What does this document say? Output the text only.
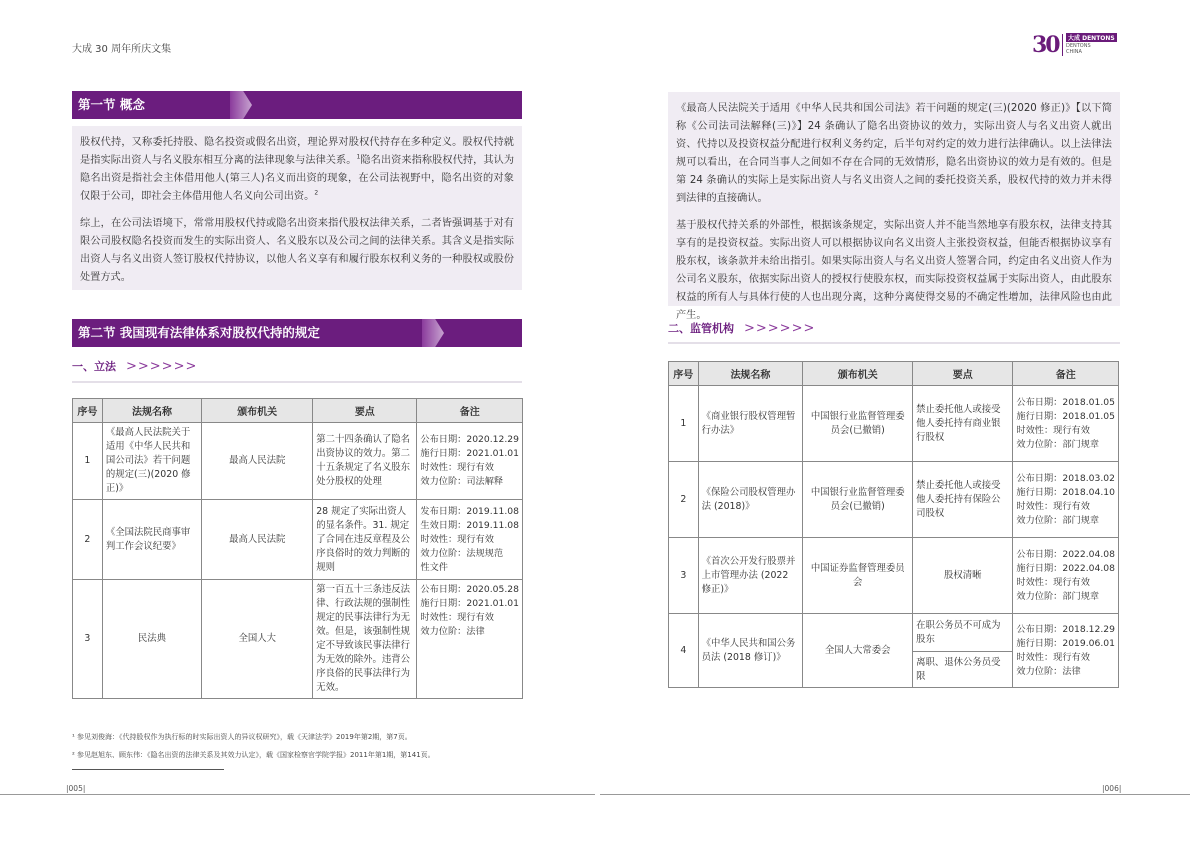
大成 30 周年所庆文集	30	大成 DENTONS
DENTONS
CHINA
第一节 概念

股权代持，又称委托持股、隐名投资或假名出资，理论界对股权代持存在多种定义。股权代持就是指实际出资人与名义股东相互分离的法律现象与法律关系。$^1$隐名出资来指称股权代持，其认为隐名出资是指社会主体借用他人(第三人)名义而出资的现象，在公司法视野中，隐名出资的对象仅限于公司，即社会主体借用他人名义向公司出资。$^2$

综上，在公司法语境下，常常用股权代持或隐名出资来指代股权法律关系，二者皆强调基于对有限公司股权隐名投资而发生的实际出资人、名义股东以及公司之间的法律关系。其含义是指实际出资人与名义出资人签订股权代持协议，以他人名义享有和履行股东权利义务的一种股权或股份处置方式。

第二节 我国现有法律体系对股权代持的规定
一、立法 >>>>>>
序号	法规名称	颁布机关	要点	备注
1	《最高人民法院关于适用《中华人民共和国公司法》若干问题的规定(三)(2020 修正)》	最高人民法院	第二十四条确认了隐名出资协议的效力。第二十五条规定了名义股东处分股权的处理	公布日期：2020.12.29
施行日期：2021.01.01
时效性：现行有效
效力位阶：司法解释

2	《全国法院民商事审判工作会议纪要》	最高人民法院	28 规定了实际出资人的显名条件。31. 规定了合同在违反章程及公序良俗时的效力判断的规则	发布日期：2019.11.08
生效日期：2019.11.08
时效性：现行有效
效力位阶：法规规范
性文件

3	民法典	全国人大	第一百五十三条违反法律、行政法规的强制性规定的民事法律行为无效。但是，该强制性规定不导致该民事法律行为无效的除外。违背公序良俗的民事法律行为无效。	公布日期：2020.05.28
施行日期：2021.01.01
时效性：现行有效
效力位阶：法律
¹ 参见刘俊海：《代持股权作为执行标的时实际出资人的异议权研究》，载《天津法学》2019年第2期，第7页。
² 参见赵旭东、顾东伟：《隐名出资的法律关系及其效力认定》，载《国家检察官学院学报》2011年第1期，第141页。
|005|

《最高人民法院关于适用《中华人民共和国公司法》若干问题的规定(三)(2020 修正)》【以下简称《公司法司法解释(三)》】24 条确认了隐名出资协议的效力，实际出资人与名义出资人就出资、代持以及投资权益分配进行权利义务约定，后半句对约定的效力进行法律确认。以上法律法规可以看出，在合同当事人之间如不存在合同的无效情形，隐名出资协议的效力是有效的。但是第 24 条确认的实际上是实际出资人与名义出资人之间的委托投资关系，股权代持的效力并未得到法律的直接确认。

基于股权代持关系的外部性，根据该条规定，实际出资人并不能当然地享有股东权，法律支持其享有的是投资权益。实际出资人可以根据协议向名义出资人主张投资权益，但能否根据协议享有股东权，该条款并未给出指引。如果实际出资人与名义出资人签署合同，约定由名义出资人作为公司名义股东，依据实际出资人的授权行使股东权，而实际投资权益属于实际出资人，由此股东权益的所有人与具体行使的人也出现分离，这种分离使得交易的不确定性增加，法律风险也由此产生。

二、监管机构 >>>>>>
序号	法规名称	颁布机关	要点	备注
1	《商业银行股权管理暂行办法》	中国银行业监督管理委员会(已撤销)	禁止委托他人或接受他人委托持有商业银行股权	公布日期：2018.01.05
施行日期：2018.01.05
时效性：现行有效
效力位阶：部门规章

2	《保险公司股权管理办法 (2018)》	中国银行业监督管理委员会(已撤销)	禁止委托他人或接受他人委托持有保险公司股权	公布日期：2018.03.02
施行日期：2018.04.10
时效性：现行有效
效力位阶：部门规章

3	《首次公开发行股票并上市管理办法 (2022 修正)》	中国证券监督管理委员会	股权清晰	公布日期：2022.04.08
施行日期：2022.04.08
时效性：现行有效
效力位阶：部门规章

4	《中华人民共和国公务员法 (2018 修订)》	全国人大常委会	在职公务员不可成为股东	公布日期：2018.12.29
施行日期：2019.06.01
时效性：现行有效
效力位阶：法律

			离职、退休公务员受限	
|006|
